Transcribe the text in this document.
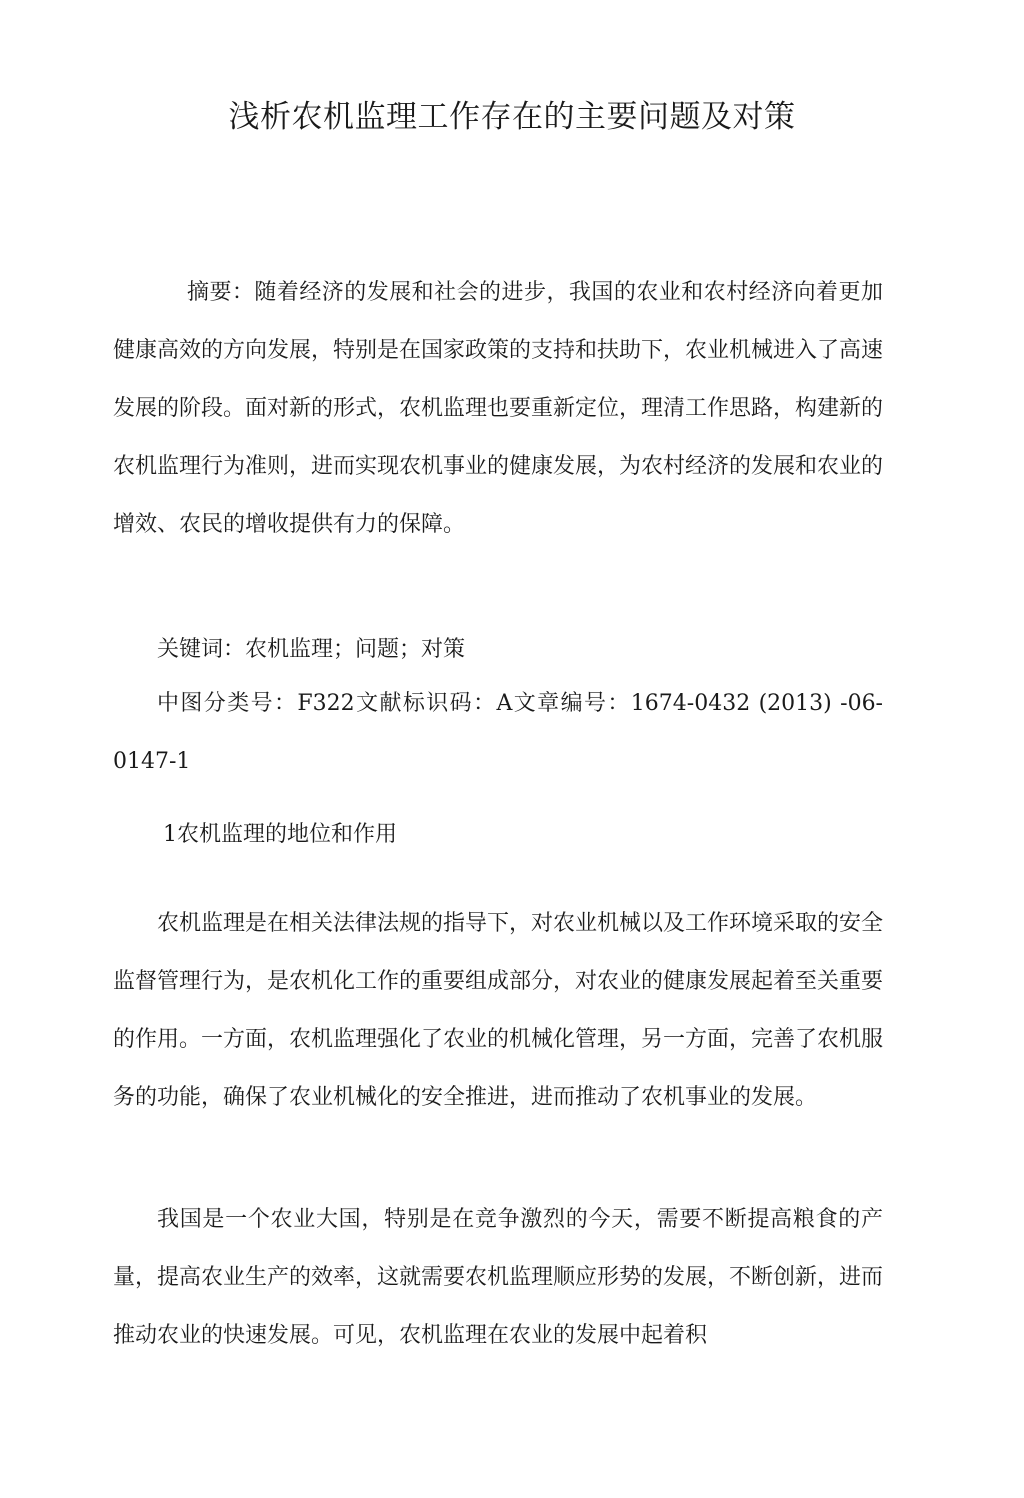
浅析农机监理工作存在的主要问题及对策

摘要：随着经济的发展和社会的进步，我国的农业和农村经济向着更加健康高效的方向发展，特别是在国家政策的支持和扶助下，农业机械进入了高速发展的阶段。面对新的形式，农机监理也要重新定位，理清工作思路，构建新的农机监理行为准则，进而实现农机事业的健康发展，为农村经济的发展和农业的增效、农民的增收提供有力的保障。

关键词：农机监理；问题；对策

中图分类号：F322文献标识码：A文章编号：1674-0432 (2013) -06-0147-1

1农机监理的地位和作用

农机监理是在相关法律法规的指导下，对农业机械以及工作环境采取的安全监督管理行为，是农机化工作的重要组成部分，对农业的健康发展起着至关重要的作用。一方面，农机监理强化了农业的机械化管理，另一方面，完善了农机服务的功能，确保了农业机械化的安全推进，进而推动了农机事业的发展。

我国是一个农业大国，特别是在竞争激烈的今天，需要不断提高粮食的产量，提高农业生产的效率，这就需要农机监理顺应形势的发展，不断创新，进而推动农业的快速发展。可见，农机监理在农业的发展中起着积
